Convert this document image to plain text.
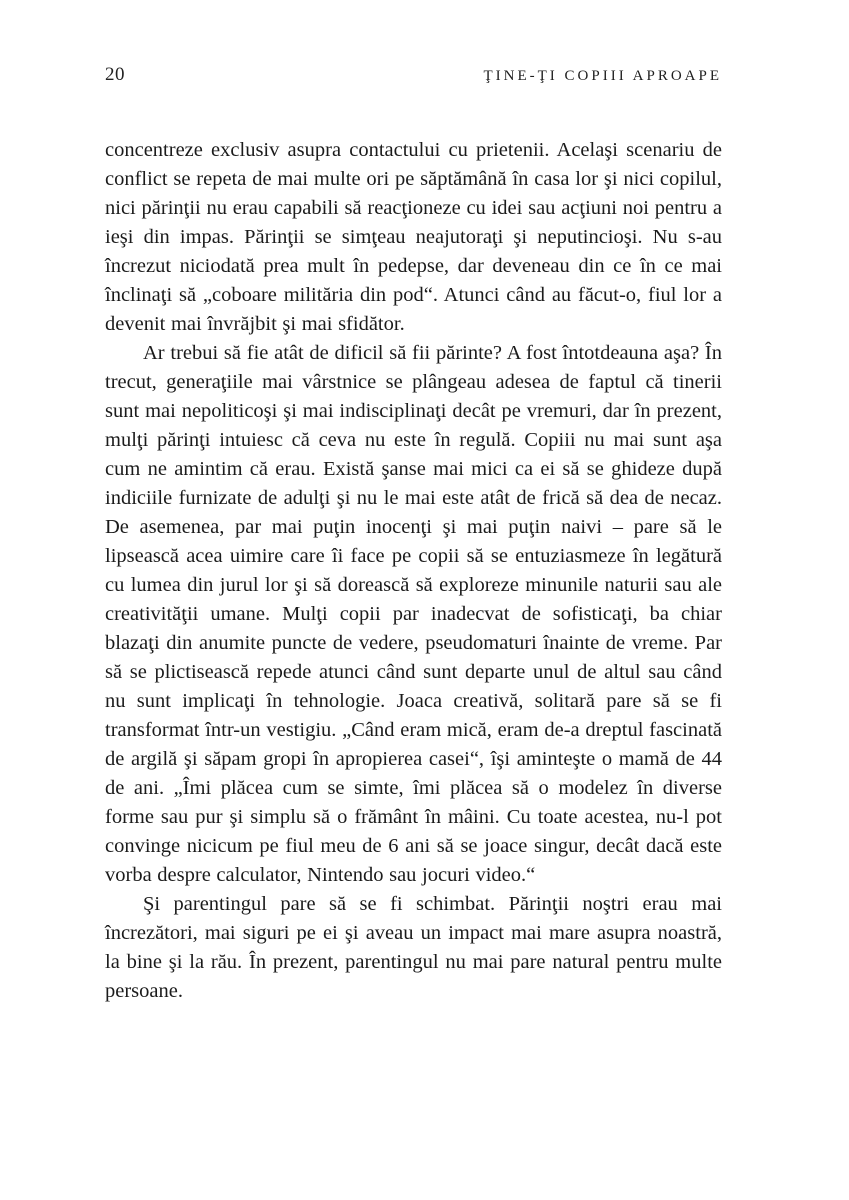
20	ŢINE-ŢI COPIII APROAPE

concentreze exclusiv asupra contactului cu prietenii. Acelaşi scenariu de conflict se repeta de mai multe ori pe săptămână în casa lor şi nici copilul, nici părinţii nu erau capabili să reacţioneze cu idei sau acţiuni noi pentru a ieşi din impas. Părinţii se simţeau neajutoraţi şi neputincioşi. Nu s-au încrezut niciodată prea mult în pedepse, dar deveneau din ce în ce mai înclinaţi să „coboare milităria din pod“. Atunci când au făcut-o, fiul lor a devenit mai învrăjbit şi mai sfidător.

Ar trebui să fie atât de dificil să fii părinte? A fost întotdeauna aşa? În trecut, generaţiile mai vârstnice se plângeau adesea de faptul că tinerii sunt mai nepoliticoşi şi mai indisciplinaţi decât pe vremuri, dar în prezent, mulţi părinţi intuiesc că ceva nu este în regulă. Copiii nu mai sunt aşa cum ne amintim că erau. Există şanse mai mici ca ei să se ghideze după indiciile furnizate de adulţi şi nu le mai este atât de frică să dea de necaz. De asemenea, par mai puţin inocenţi şi mai puţin naivi – pare să le lipsească acea uimire care îi face pe copii să se entuziasmeze în legătură cu lumea din jurul lor şi să dorească să exploreze minunile naturii sau ale creativităţii umane. Mulţi copii par inadecvat de sofisticaţi, ba chiar blazaţi din anumite puncte de vedere, pseudomaturi înainte de vreme. Par să se plictisească repede atunci când sunt departe unul de altul sau când nu sunt implicaţi în tehnologie. Joaca creativă, solitară pare să se fi transformat într-un vestigiu. „Când eram mică, eram de-a dreptul fascinată de argilă şi săpam gropi în apropierea casei“, îşi aminteşte o mamă de 44 de ani. „Îmi plăcea cum se simte, îmi plăcea să o modelez în diverse forme sau pur şi simplu să o frământ în mâini. Cu toate acestea, nu-l pot convinge nicicum pe fiul meu de 6 ani să se joace singur, decât dacă este vorba despre calculator, Nintendo sau jocuri video.“

Şi parentingul pare să se fi schimbat. Părinţii noştri erau mai încrezători, mai siguri pe ei şi aveau un impact mai mare asupra noastră, la bine şi la rău. În prezent, parentingul nu mai pare natural pentru multe persoane.
